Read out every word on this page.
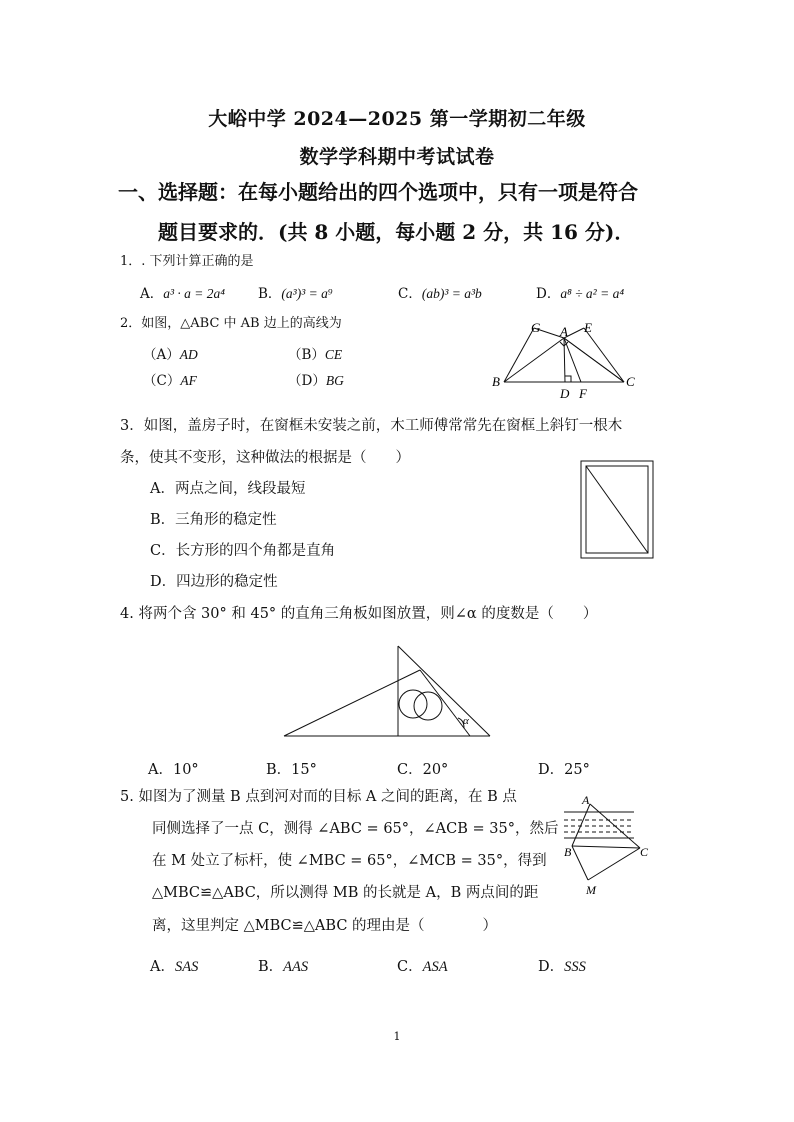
大峪中学 2024—2025 第一学期初二年级
数学学科期中考试试卷
一、选择题：在每小题给出的四个选项中，只有一项是符合
题目要求的．(共 8 小题，每小题 2 分，共 16 分)．
1．. 下列计算正确的是
A．a³ · a = 2a⁴ B．(a³)³ = a⁹	C．(ab)³ = a³b	D．a⁸ ÷ a² = a⁴
2．如图，△ABC 中 AB 边上的高线为
（A）AD	（B）CE
（C）AF	（D）BG
G A E
B
D F
C
3．如图，盖房子时，在窗框未安装之前，木工师傅常常先在窗框上斜钉一根木
条，使其不变形，这种做法的根据是（　　）
A．两点之间，线段最短
B．三角形的稳定性
C．长方形的四个角都是直角
D．四边形的稳定性
4. 将两个含 30° 和 45° 的直角三角板如图放置，则∠α 的度数是（　　）
α
A．10°	B．15°	C．20°	D．25°
5. 如图为了测量 B 点到河对而的目标 A 之间的距离，在 B 点
同侧选择了一点 C，测得 ∠ABC = 65°，∠ACB = 35°，然后
在 M 处立了标杆，使 ∠MBC = 65°，∠MCB = 35°，得到
△MBC≌△ABC，所以测得 MB 的长就是 A，B 两点间的距
离，这里判定 △MBC≌△ABC 的理由是（　　　　）
A．SAS	B．AAS	C．ASA	D．SSS
A
B	C
M
1
